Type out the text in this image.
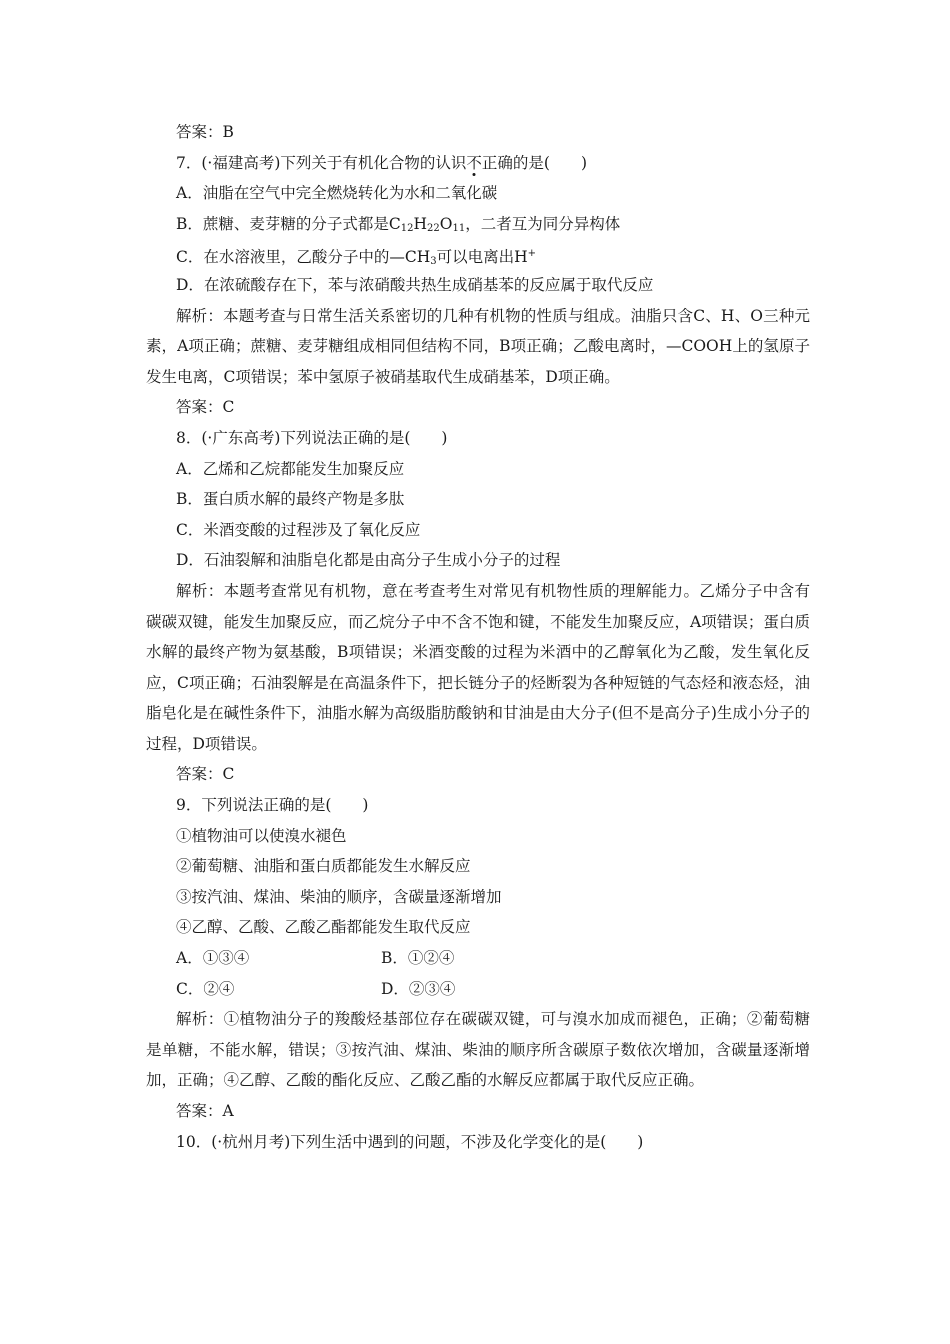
答案：B
7．(·福建高考)下列关于有机化合物的认识不正确的是(　　)
A．油脂在空气中完全燃烧转化为水和二氧化碳
B．蔗糖、麦芽糖的分子式都是$C_{12}H_{22}O_{11}$，二者互为同分异构体
C．在水溶液里，乙酸分子中的$—CH_3$可以电离出H+
D．在浓硫酸存在下，苯与浓硝酸共热生成硝基苯的反应属于取代反应
解析：本题考查与日常生活关系密切的几种有机物的性质与组成。油脂只含C、H、O三种元素，A项正确；蔗糖、麦芽糖组成相同但结构不同，B项正确；乙酸电离时，—COOH上的氢原子发生电离，C项错误；苯中氢原子被硝基取代生成硝基苯，D项正确。
答案：C
8．(·广东高考)下列说法正确的是(　　)
A．乙烯和乙烷都能发生加聚反应
B．蛋白质水解的最终产物是多肽
C．米酒变酸的过程涉及了氧化反应
D．石油裂解和油脂皂化都是由高分子生成小分子的过程
解析：本题考查常见有机物，意在考查考生对常见有机物性质的理解能力。乙烯分子中含有碳碳双键，能发生加聚反应，而乙烷分子中不含不饱和键，不能发生加聚反应，A项错误；蛋白质水解的最终产物为氨基酸，B项错误；米酒变酸的过程为米酒中的乙醇氧化为乙酸，发生氧化反应，C项正确；石油裂解是在高温条件下，把长链分子的烃断裂为各种短链的气态烃和液态烃，油脂皂化是在碱性条件下，油脂水解为高级脂肪酸钠和甘油是由大分子(但不是高分子)生成小分子的过程，D项错误。
答案：C
9．下列说法正确的是(　　)
①植物油可以使溴水褪色
②葡萄糖、油脂和蛋白质都能发生水解反应
③按汽油、煤油、柴油的顺序，含碳量逐渐增加
④乙醇、乙酸、乙酸乙酯都能发生取代反应
A．①③④	B．①②④
C．②④	D．②③④
解析：①植物油分子的羧酸烃基部位存在碳碳双键，可与溴水加成而褪色，正确；②葡萄糖是单糖，不能水解，错误；③按汽油、煤油、柴油的顺序所含碳原子数依次增加，含碳量逐渐增加，正确；④乙醇、乙酸的酯化反应、乙酸乙酯的水解反应都属于取代反应正确。
答案：A
10．(·杭州月考)下列生活中遇到的问题，不涉及化学变化的是(　　)
